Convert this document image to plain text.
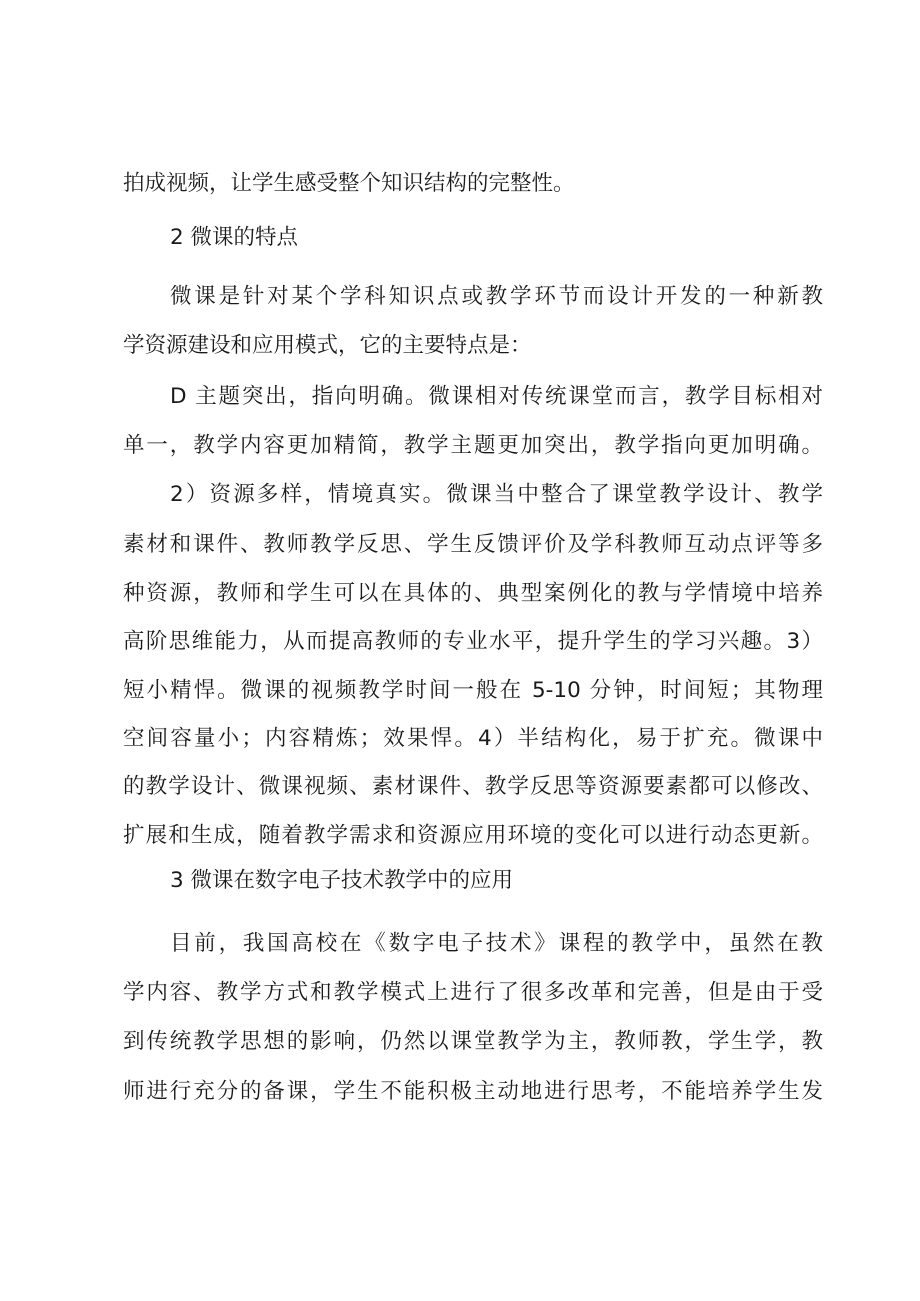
拍成视频，让学生感受整个知识结构的完整性。
2 微课的特点
微课是针对某个学科知识点或教学环节而设计开发的一种新教
学资源建设和应用模式，它的主要特点是：
D 主题突出，指向明确。微课相对传统课堂而言，教学目标相对
单一，教学内容更加精简，教学主题更加突出，教学指向更加明确。
2）资源多样，情境真实。微课当中整合了课堂教学设计、教学
素材和课件、教师教学反思、学生反馈评价及学科教师互动点评等多
种资源，教师和学生可以在具体的、典型案例化的教与学情境中培养
高阶思维能力，从而提高教师的专业水平，提升学生的学习兴趣。3）
短小精悍。微课的视频教学时间一般在 5-10 分钟，时间短；其物理
空间容量小；内容精炼；效果悍。4）半结构化，易于扩充。微课中
的教学设计、微课视频、素材课件、教学反思等资源要素都可以修改、
扩展和生成，随着教学需求和资源应用环境的变化可以进行动态更新。
3 微课在数字电子技术教学中的应用
目前，我国高校在《数字电子技术》课程的教学中，虽然在教
学内容、教学方式和教学模式上进行了很多改革和完善，但是由于受
到传统教学思想的影响，仍然以课堂教学为主，教师教，学生学，教
师进行充分的备课，学生不能积极主动地进行思考，不能培养学生发
